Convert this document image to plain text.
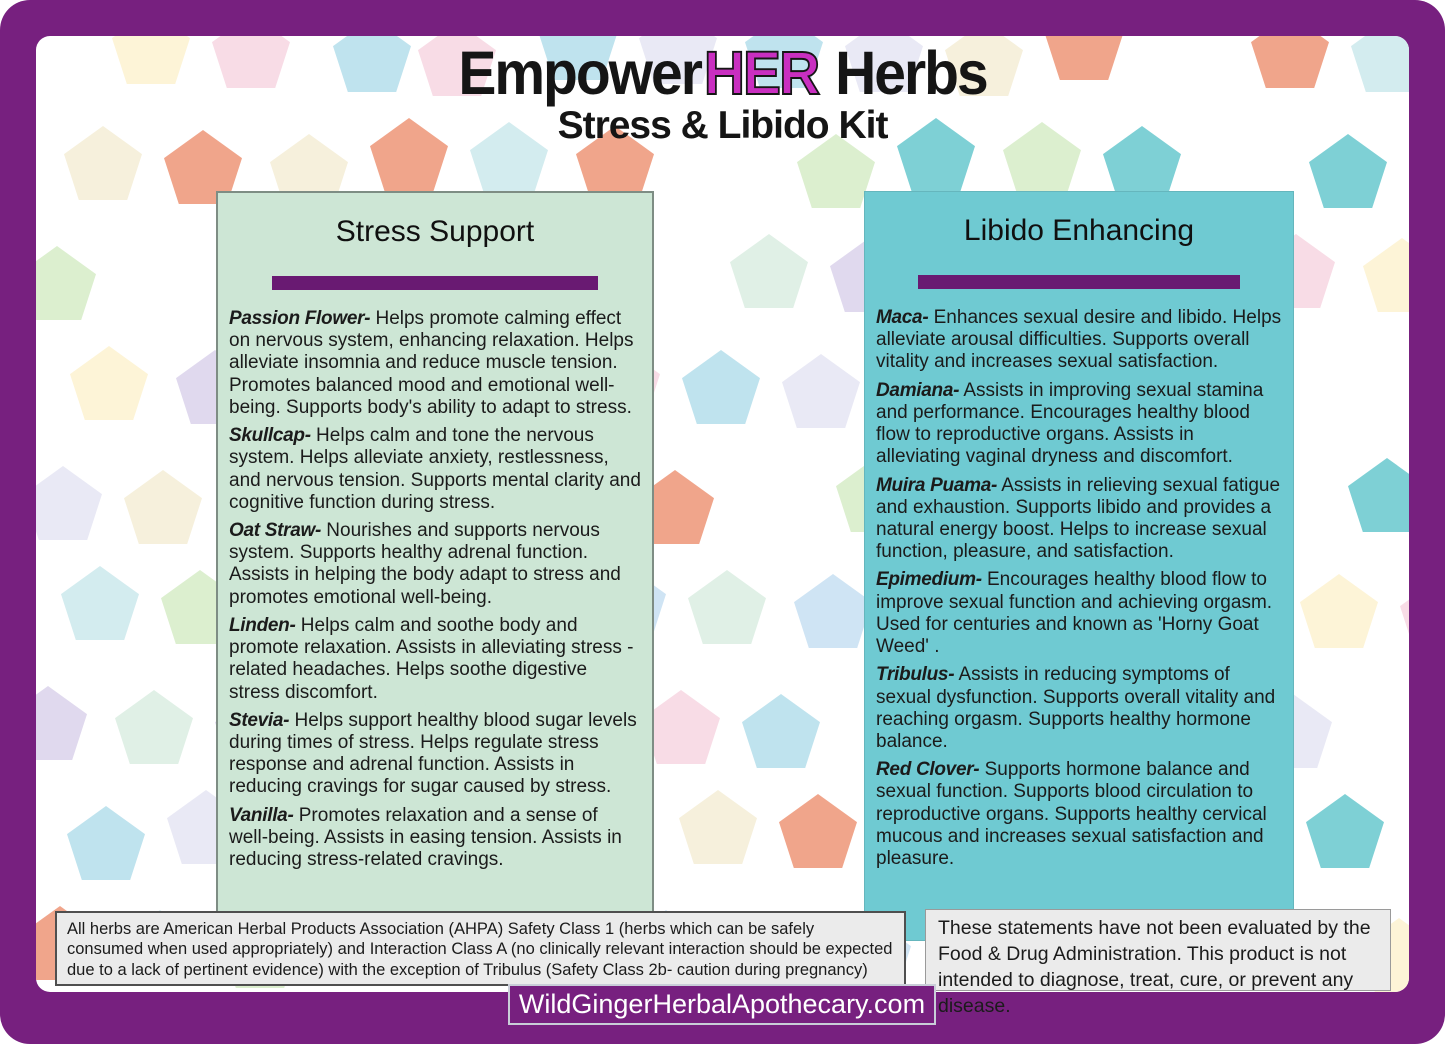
EmpowerHER Herbs
Stress & Libido Kit
Stress Support

Passion Flower- Helps promote calming effect on nervous system, enhancing relaxation. Helps alleviate insomnia and reduce muscle tension. Promotes balanced mood and emotional well-being. Supports body's ability to adapt to stress.

Skullcap- Helps calm and tone the nervous system. Helps alleviate anxiety, restlessness, and nervous tension. Supports mental clarity and cognitive function during stress.

Oat Straw- Nourishes and supports nervous system. Supports healthy adrenal function. Assists in helping the body adapt to stress and promotes emotional well-being.

Linden- Helps calm and soothe body and promote relaxation. Assists in alleviating stress -related headaches. Helps soothe digestive stress discomfort.

Stevia- Helps support healthy blood sugar levels during times of stress. Helps regulate stress response and adrenal function. Assists in reducing cravings for sugar caused by stress.

Vanilla- Promotes relaxation and a sense of well-being. Assists in easing tension. Assists in reducing stress-related cravings.

Libido Enhancing

Maca- Enhances sexual desire and libido. Helps alleviate arousal difficulties. Supports overall vitality and increases sexual satisfaction.

Damiana- Assists in improving sexual stamina and performance. Encourages healthy blood flow to reproductive organs. Assists in alleviating vaginal dryness and discomfort.

Muira Puama- Assists in relieving sexual fatigue and exhaustion. Supports libido and provides a natural energy boost. Helps to increase sexual function, pleasure, and satisfaction.

Epimedium- Encourages healthy blood flow to improve sexual function and achieving orgasm. Used for centuries and known as 'Horny Goat Weed' .

Tribulus- Assists in reducing symptoms of sexual dysfunction. Supports overall vitality and reaching orgasm. Supports healthy hormone balance.

Red Clover- Supports hormone balance and sexual function. Supports blood circulation to reproductive organs. Supports healthy cervical mucous and increases sexual satisfaction and pleasure.

All herbs are American Herbal Products Association (AHPA) Safety Class 1 (herbs which can be safely consumed when used appropriately) and Interaction Class A (no clinically relevant interaction should be expected due to a lack of pertinent evidence) with the exception of Tribulus (Safety Class 2b- caution during pregnancy)
These statements have not been evaluated by the Food & Drug Administration. This product is not intended to diagnose, treat, cure, or prevent any disease.
WildGingerHerbalApothecary.com
